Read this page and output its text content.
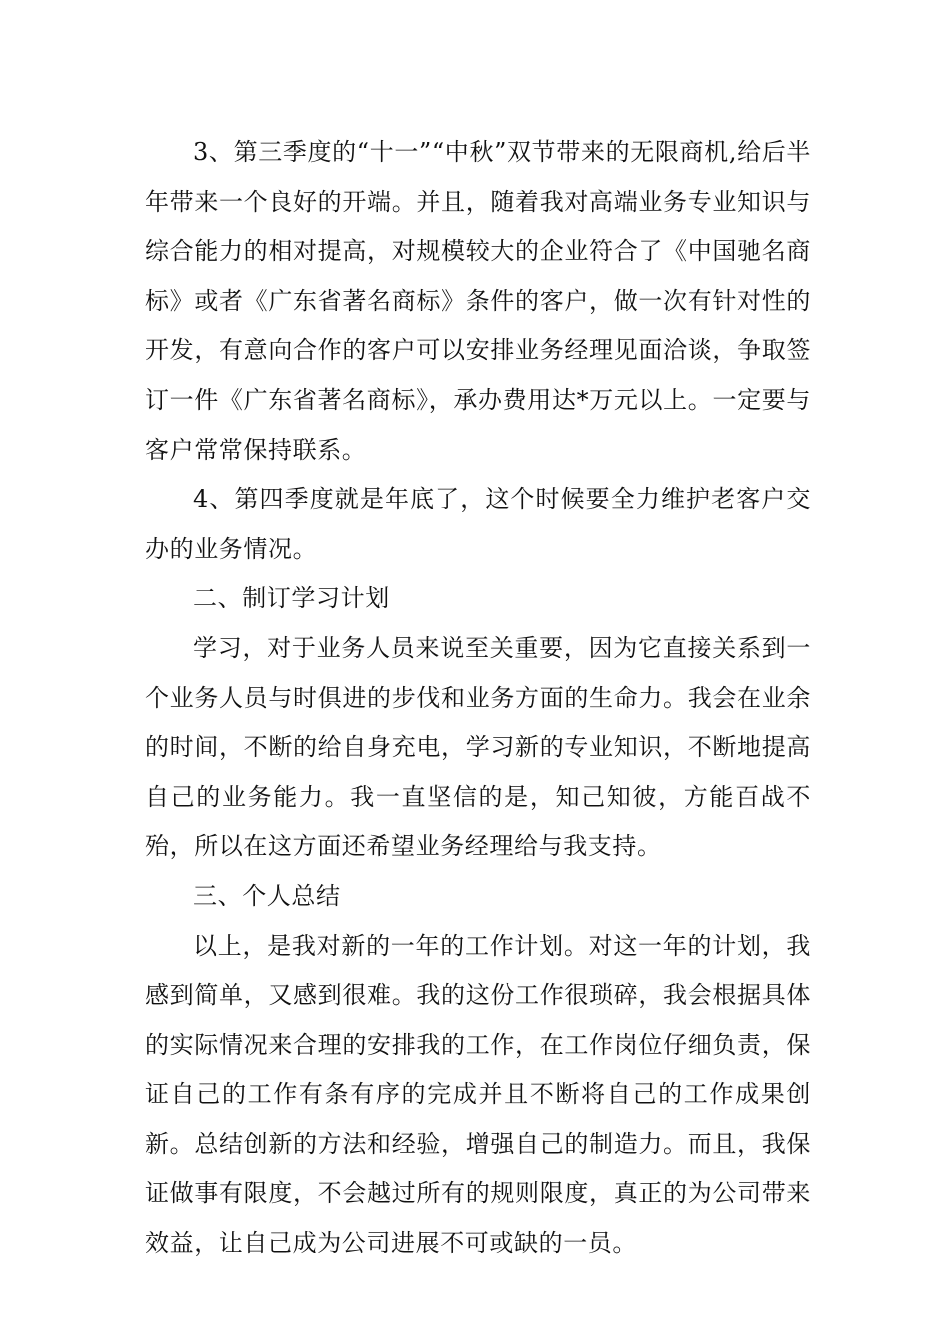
3、第三季度的“十一”“中秋”双节带来的无限商机,给后半年带来一个良好的开端。并且，随着我对高端业务专业知识与综合能力的相对提高，对规模较大的企业符合了《中国驰名商标》或者《广东省著名商标》条件的客户，做一次有针对性的开发，有意向合作的客户可以安排业务经理见面洽谈，争取签订一件《广东省著名商标》，承办费用达*万元以上。一定要与客户常常保持联系。

4、第四季度就是年底了，这个时候要全力维护老客户交办的业务情况。

二、制订学习计划

学习，对于业务人员来说至关重要，因为它直接关系到一个业务人员与时俱进的步伐和业务方面的生命力。我会在业余的时间，不断的给自身充电，学习新的专业知识，不断地提高自己的业务能力。我一直坚信的是，知己知彼，方能百战不殆，所以在这方面还希望业务经理给与我支持。

三、个人总结

以上，是我对新的一年的工作计划。对这一年的计划，我感到简单，又感到很难。我的这份工作很琐碎，我会根据具体的实际情况来合理的安排我的工作，在工作岗位仔细负责，保证自己的工作有条有序的完成并且不断将自己的工作成果创新。总结创新的方法和经验，增强自己的制造力。而且，我保证做事有限度，不会越过所有的规则限度，真正的为公司带来效益，让自己成为公司进展不可或缺的一员。
